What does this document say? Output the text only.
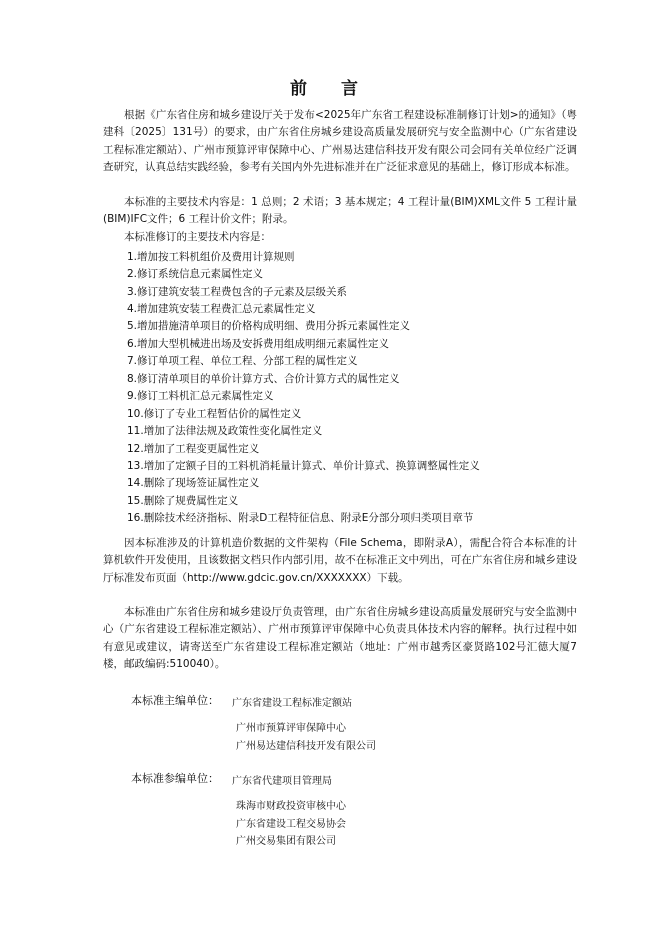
前 言

根据《广东省住房和城乡建设厅关于发布<2025年广东省工程建设标准制修订计划>的通知》（粤建科〔2025〕131号）的要求，由广东省住房城乡建设高质量发展研究与安全监测中心（广东省建设工程标准定额站）、广州市预算评审保障中心、广州易达建信科技开发有限公司会同有关单位经广泛调查研究，认真总结实践经验，参考有关国内外先进标准并在广泛征求意见的基础上，修订形成本标准。

本标准的主要技术内容是：1 总则；2 术语；3 基本规定；4 工程计量(BIM)XML文件 5 工程计量(BIM)IFC文件；6 工程计价文件；附录。

本标准修订的主要技术内容是：

1.增加按工料机组价及费用计算规则
2.修订系统信息元素属性定义
3.修订建筑安装工程费包含的子元素及层级关系
4.增加建筑安装工程费汇总元素属性定义
5.增加措施清单项目的价格构成明细、费用分拆元素属性定义
6.增加大型机械进出场及安拆费用组成明细元素属性定义
7.修订单项工程、单位工程、分部工程的属性定义
8.修订清单项目的单价计算方式、合价计算方式的属性定义
9.修订工料机汇总元素属性定义
10.修订了专业工程暂估价的属性定义
11.增加了法律法规及政策性变化属性定义
12.增加了工程变更属性定义
13.增加了定额子目的工料机消耗量计算式、单价计算式、换算调整属性定义
14.删除了现场签证属性定义
15.删除了规费属性定义
16.删除技术经济指标、附录D工程特征信息、附录E分部分项归类项目章节

因本标准涉及的计算机造价数据的文件架构（File Schema，即附录A），需配合符合本标准的计算机软件开发使用，且该数据文档只作内部引用，故不在标准正文中列出，可在广东省住房和城乡建设厅标准发布页面（http://www.gdcic.gov.cn/XXXXXXX）下载。

本标准由广东省住房和城乡建设厅负责管理，由广东省住房城乡建设高质量发展研究与安全监测中心（广东省建设工程标准定额站）、广州市预算评审保障中心负责具体技术内容的解释。执行过程中如有意见或建议，请寄送至广东省建设工程标准定额站（地址：广州市越秀区豪贤路102号汇德大厦7楼，邮政编码:510040）。

本标准主编单位： 广东省建设工程标准定额站
广州市预算评审保障中心
广州易达建信科技开发有限公司
本标准参编单位： 广东省代建项目管理局
珠海市财政投资审核中心
广东省建设工程交易协会
广州交易集团有限公司
